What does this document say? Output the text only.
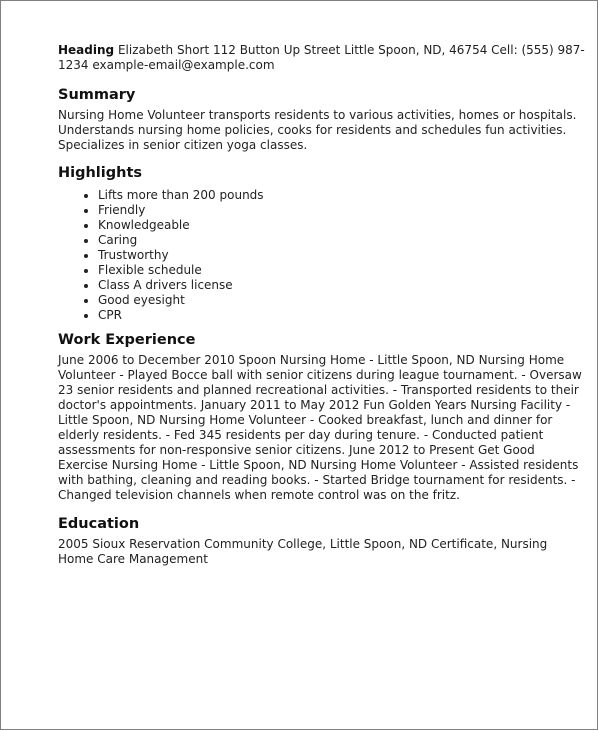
Heading Elizabeth Short 112 Button Up Street Little Spoon, ND, 46754 Cell: (555) 987-1234 example-email@example.com

Summary

Nursing Home Volunteer transports residents to various activities, homes or hospitals. Understands nursing home policies, cooks for residents and schedules fun activities. Specializes in senior citizen yoga classes.

Highlights
• Lifts more than 200 pounds
• Friendly
• Knowledgeable
• Caring
• Trustworthy
• Flexible schedule
• Class A drivers license
• Good eyesight
• CPR
Work Experience

June 2006 to December 2010 Spoon Nursing Home - Little Spoon, ND Nursing Home Volunteer - Played Bocce ball with senior citizens during league tournament. - Oversaw 23 senior residents and planned recreational activities. - Transported residents to their doctor's appointments. January 2011 to May 2012 Fun Golden Years Nursing Facility - Little Spoon, ND Nursing Home Volunteer - Cooked breakfast, lunch and dinner for elderly residents. - Fed 345 residents per day during tenure. - Conducted patient assessments for non-responsive senior citizens. June 2012 to Present Get Good Exercise Nursing Home - Little Spoon, ND Nursing Home Volunteer - Assisted residents with bathing, cleaning and reading books. - Started Bridge tournament for residents. - Changed television channels when remote control was on the fritz.

Education

2005 Sioux Reservation Community College, Little Spoon, ND Certificate, Nursing Home Care Management
